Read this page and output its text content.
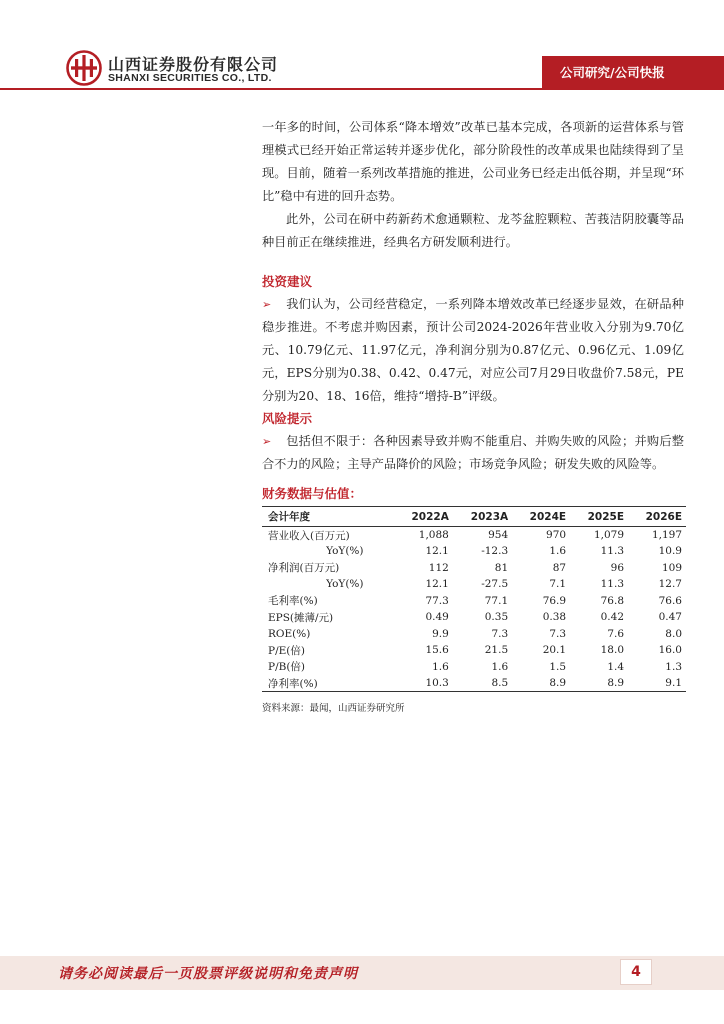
山西证券股份有限公司
SHANXI SECURITIES CO., LTD.	公司研究/公司快报

一年多的时间，公司体系“降本增效”改革已基本完成，各项新的运营体系与管理模式已经开始正常运转并逐步优化，部分阶段性的改革成果也陆续得到了呈现。目前，随着一系列改革措施的推进，公司业务已经走出低谷期，并呈现“环比”稳中有进的回升态势。

此外，公司在研中药新药术愈通颗粒、龙芩盆腔颗粒、苦莪洁阴胶囊等品种目前正在继续推进，经典名方研发顺利进行。

投资建议

➢ 我们认为，公司经营稳定，一系列降本增效改革已经逐步显效，在研品种稳步推进。不考虑并购因素，预计公司2024-2026年营业收入分别为9.70亿元、10.79亿元、11.97亿元，净利润分别为0.87亿元、0.96亿元、1.09亿元，EPS分别为0.38、0.42、0.47元，对应公司7月29日收盘价7.58元，PE分别为20、18、16倍，维持“增持-B”评级。

风险提示

➢ 包括但不限于：各种因素导致并购不能重启、并购失败的风险；并购后整合不力的风险；主导产品降价的风险；市场竞争风险；研发失败的风险等。

财务数据与估值：
会计年度	2022A	2023A	2024E	2025E	2026E
营业收入(百万元)	1,088	954	970	1,079	1,197
YoY(%)	12.1	-12.3	1.6	11.3	10.9
净利润(百万元)	112	81	87	96	109
YoY(%)	12.1	-27.5	7.1	11.3	12.7
毛利率(%)	77.3	77.1	76.9	76.8	76.6
EPS(摊薄/元)	0.49	0.35	0.38	0.42	0.47
ROE(%)	9.9	7.3	7.3	7.6	8.0
P/E(倍)	15.6	21.5	20.1	18.0	16.0
P/B(倍)	1.6	1.6	1.5	1.4	1.3
净利率(%)	10.3	8.5	8.9	8.9	9.1
资料来源：最闻，山西证券研究所
请务必阅读最后一页股票评级说明和免责声明	4
